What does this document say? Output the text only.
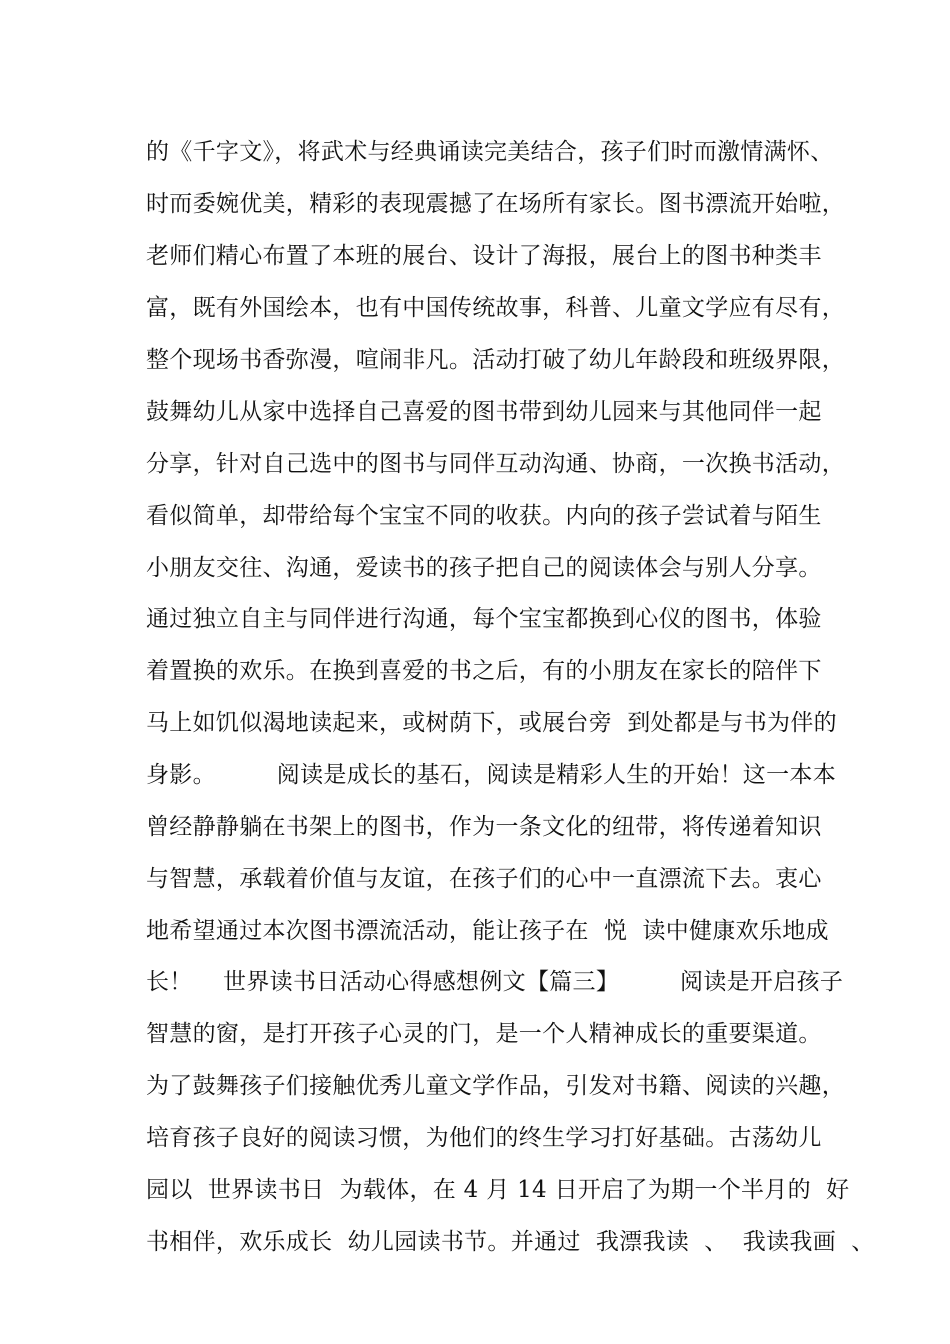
的《千字文》，将武术与经典诵读完美结合，孩子们时而激情满怀、
时而委婉优美，精彩的表现震撼了在场所有家长。图书漂流开始啦，
老师们精心布置了本班的展台、设计了海报，展台上的图书种类丰
富，既有外国绘本，也有中国传统故事，科普、儿童文学应有尽有，
整个现场书香弥漫，喧闹非凡。活动打破了幼儿年龄段和班级界限，
鼓舞幼儿从家中选择自己喜爱的图书带到幼儿园来与其他同伴一起
分享，针对自己选中的图书与同伴互动沟通、协商，一次换书活动，
看似简单，却带给每个宝宝不同的收获。内向的孩子尝试着与陌生
小朋友交往、沟通，爱读书的孩子把自己的阅读体会与别人分享。
通过独立自主与同伴进行沟通，每个宝宝都换到心仪的图书，体验
着置换的欢乐。在换到喜爱的书之后，有的小朋友在家长的陪伴下
马上如饥似渴地读起来，或树荫下，或展台旁  到处都是与书为伴的
身影。        阅读是成长的基石，阅读是精彩人生的开始！这一本本
曾经静静躺在书架上的图书，作为一条文化的纽带，将传递着知识
与智慧，承载着价值与友谊，在孩子们的心中一直漂流下去。衷心
地希望通过本次图书漂流活动，能让孩子在  悦  读中健康欢乐地成
长！    世界读书日活动心得感想例文【篇三】        阅读是开启孩子
智慧的窗，是打开孩子心灵的门，是一个人精神成长的重要渠道。
为了鼓舞孩子们接触优秀儿童文学作品，引发对书籍、阅读的兴趣，
培育孩子良好的阅读习惯，为他们的终生学习打好基础。古荡幼儿
园以  世界读书日  为载体，在 4 月 14 日开启了为期一个半月的  好
书相伴，欢乐成长  幼儿园读书节。并通过  我漂我读  、  我读我画  、
